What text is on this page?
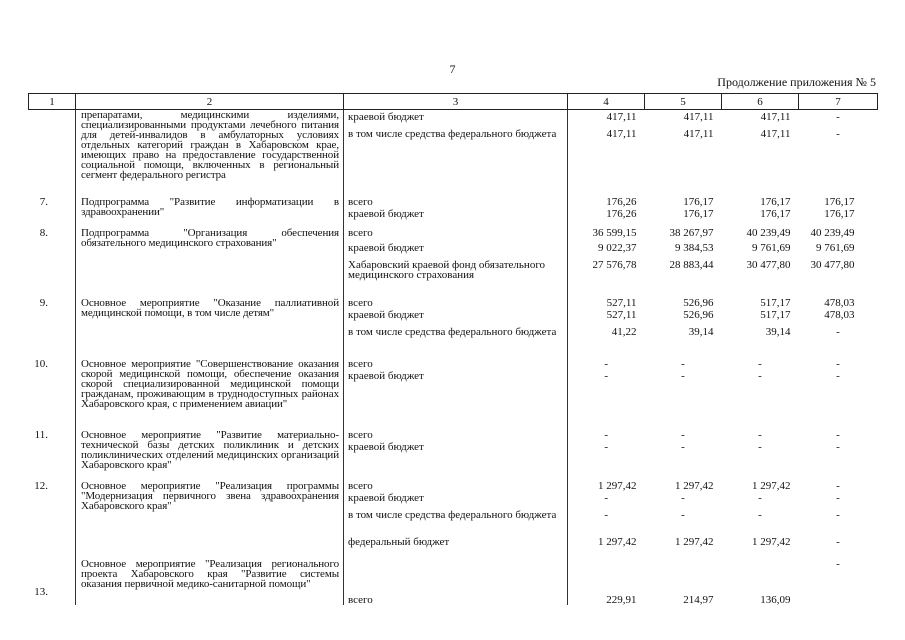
7
Продолжение приложения № 5
1	2	3	4	5	6	7
	препаратами, медицинскими изделиями, специализированными продуктами лечебного питания для детей-инвалидов в амбулаторных условиях отдельных категорий граждан в Хабаровском крае, имеющих право на предоставление государственной социальной помощи, включенных в региональный сегмент федерального регистра	краевой бюджет	417,11	417,11	417,11	-
		в том числе средства федерального бюджета	417,11	417,11	417,11	-
7.	Подпрограмма "Развитие информатизации в здравоохранении"	всего	176,26	176,17	176,17	176,17
		краевой бюджет	176,26	176,17	176,17	176,17
8.	Подпрограмма "Организация обеспечения обязательного медицинского страхования"	всего	36 599,15	38 267,97	40 239,49	40 239,49
		краевой бюджет	9 022,37	9 384,53	9 761,69	9 761,69
		Хабаровский краевой фонд обязательного медицинского страхования	27 576,78	28 883,44	30 477,80	30 477,80
9.	Основное мероприятие "Оказание паллиативной медицинской помощи, в том числе детям"	всего	527,11	526,96	517,17	478,03
		краевой бюджет	527,11	526,96	517,17	478,03
		в том числе средства федерального бюджета	41,22	39,14	39,14	-
10.	Основное мероприятие "Совершенствование оказания скорой медицинской помощи, обеспечение оказания скорой специализированной медицинской помощи гражданам, проживающим в труднодоступных районах Хабаровского края, с применением авиации"	всего	-	-	-	-
		краевой бюджет	-	-	-	-
11.	Основное мероприятие "Развитие материально-технической базы детских поликлиник и детских поликлинических отделений медицинских организаций Хабаровского края"	всего	-	-	-	-
		краевой бюджет	-	-	-	-
12.	Основное мероприятие "Реализация программы "Модернизация первичного звена здравоохранения Хабаровского края"	всего	1 297,42	1 297,42	1 297,42	-
		краевой бюджет	-	-	-	-
		в том числе средства федерального бюджета	-	-	-	-
		федеральный бюджет	1 297,42	1 297,42	1 297,42	-
13.	Основное мероприятие "Реализация регионального проекта Хабаровского края "Развитие системы оказания первичной медико-санитарной помощи"	всего	229,91	214,97	136,09	-
